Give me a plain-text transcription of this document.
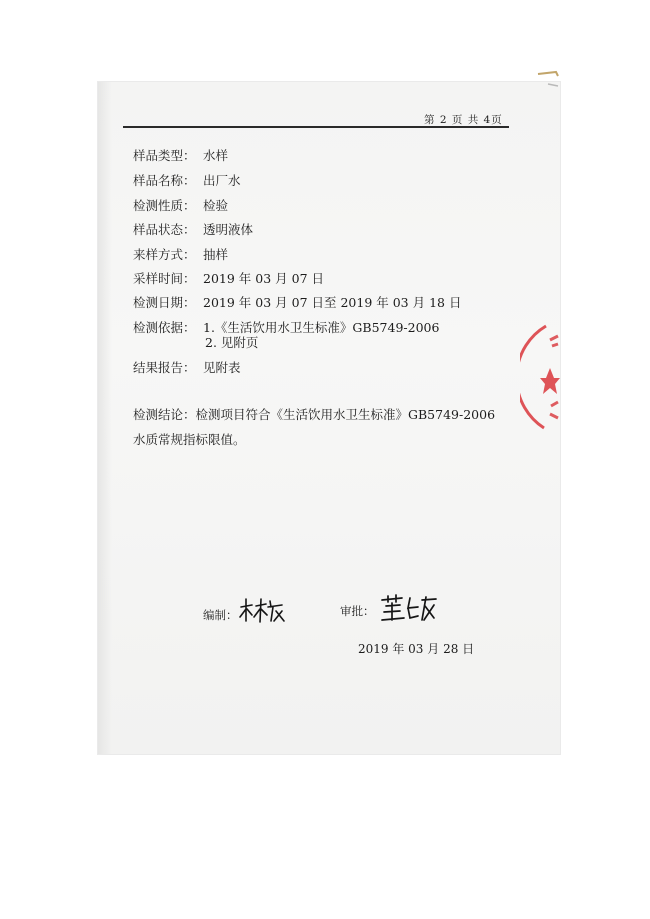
第 2 页 共 4页
样品类型： 水样
样品名称： 出厂水
检测性质： 检验
样品状态： 透明液体
来样方式： 抽样
采样时间： 2019 年 03 月 07 日
检测日期： 2019 年 03 月 07 日至 2019 年 03 月 18 日
检测依据： 1.《生活饮用水卫生标准》GB5749-2006
2. 见附页
结果报告： 见附表
检测结论：检测项目符合《生活饮用水卫生标准》GB5749-2006
水质常规指标限值。
编制：	审批：
2019 年 03 月 28 日
